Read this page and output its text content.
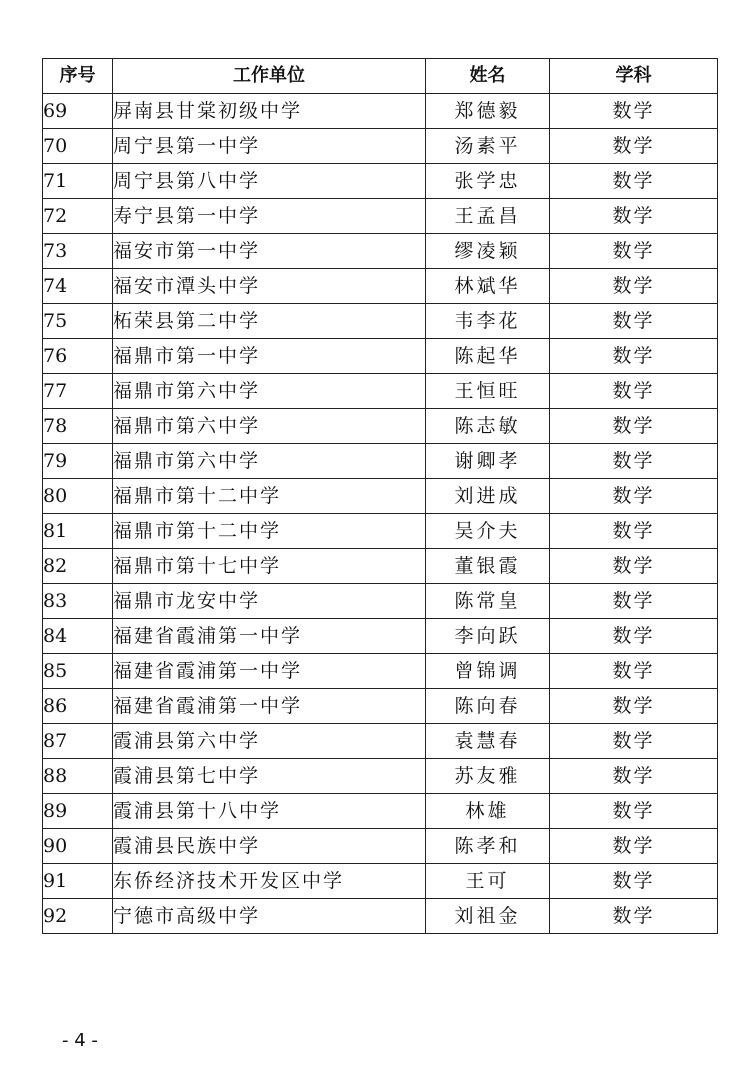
序号	工作单位	姓名	学科
69	屏南县甘棠初级中学	郑德毅	数学
70	周宁县第一中学	汤素平	数学
71	周宁县第八中学	张学忠	数学
72	寿宁县第一中学	王孟昌	数学
73	福安市第一中学	缪凌颖	数学
74	福安市潭头中学	林斌华	数学
75	柘荣县第二中学	韦李花	数学
76	福鼎市第一中学	陈起华	数学
77	福鼎市第六中学	王恒旺	数学
78	福鼎市第六中学	陈志敏	数学
79	福鼎市第六中学	谢卿孝	数学
80	福鼎市第十二中学	刘进成	数学
81	福鼎市第十二中学	吴介夫	数学
82	福鼎市第十七中学	董银霞	数学
83	福鼎市龙安中学	陈常皇	数学
84	福建省霞浦第一中学	李向跃	数学
85	福建省霞浦第一中学	曾锦调	数学
86	福建省霞浦第一中学	陈向春	数学
87	霞浦县第六中学	袁慧春	数学
88	霞浦县第七中学	苏友雅	数学
89	霞浦县第十八中学	林雄	数学
90	霞浦县民族中学	陈孝和	数学
91	东侨经济技术开发区中学	王可	数学
92	宁德市高级中学	刘祖金	数学
- 4 -
